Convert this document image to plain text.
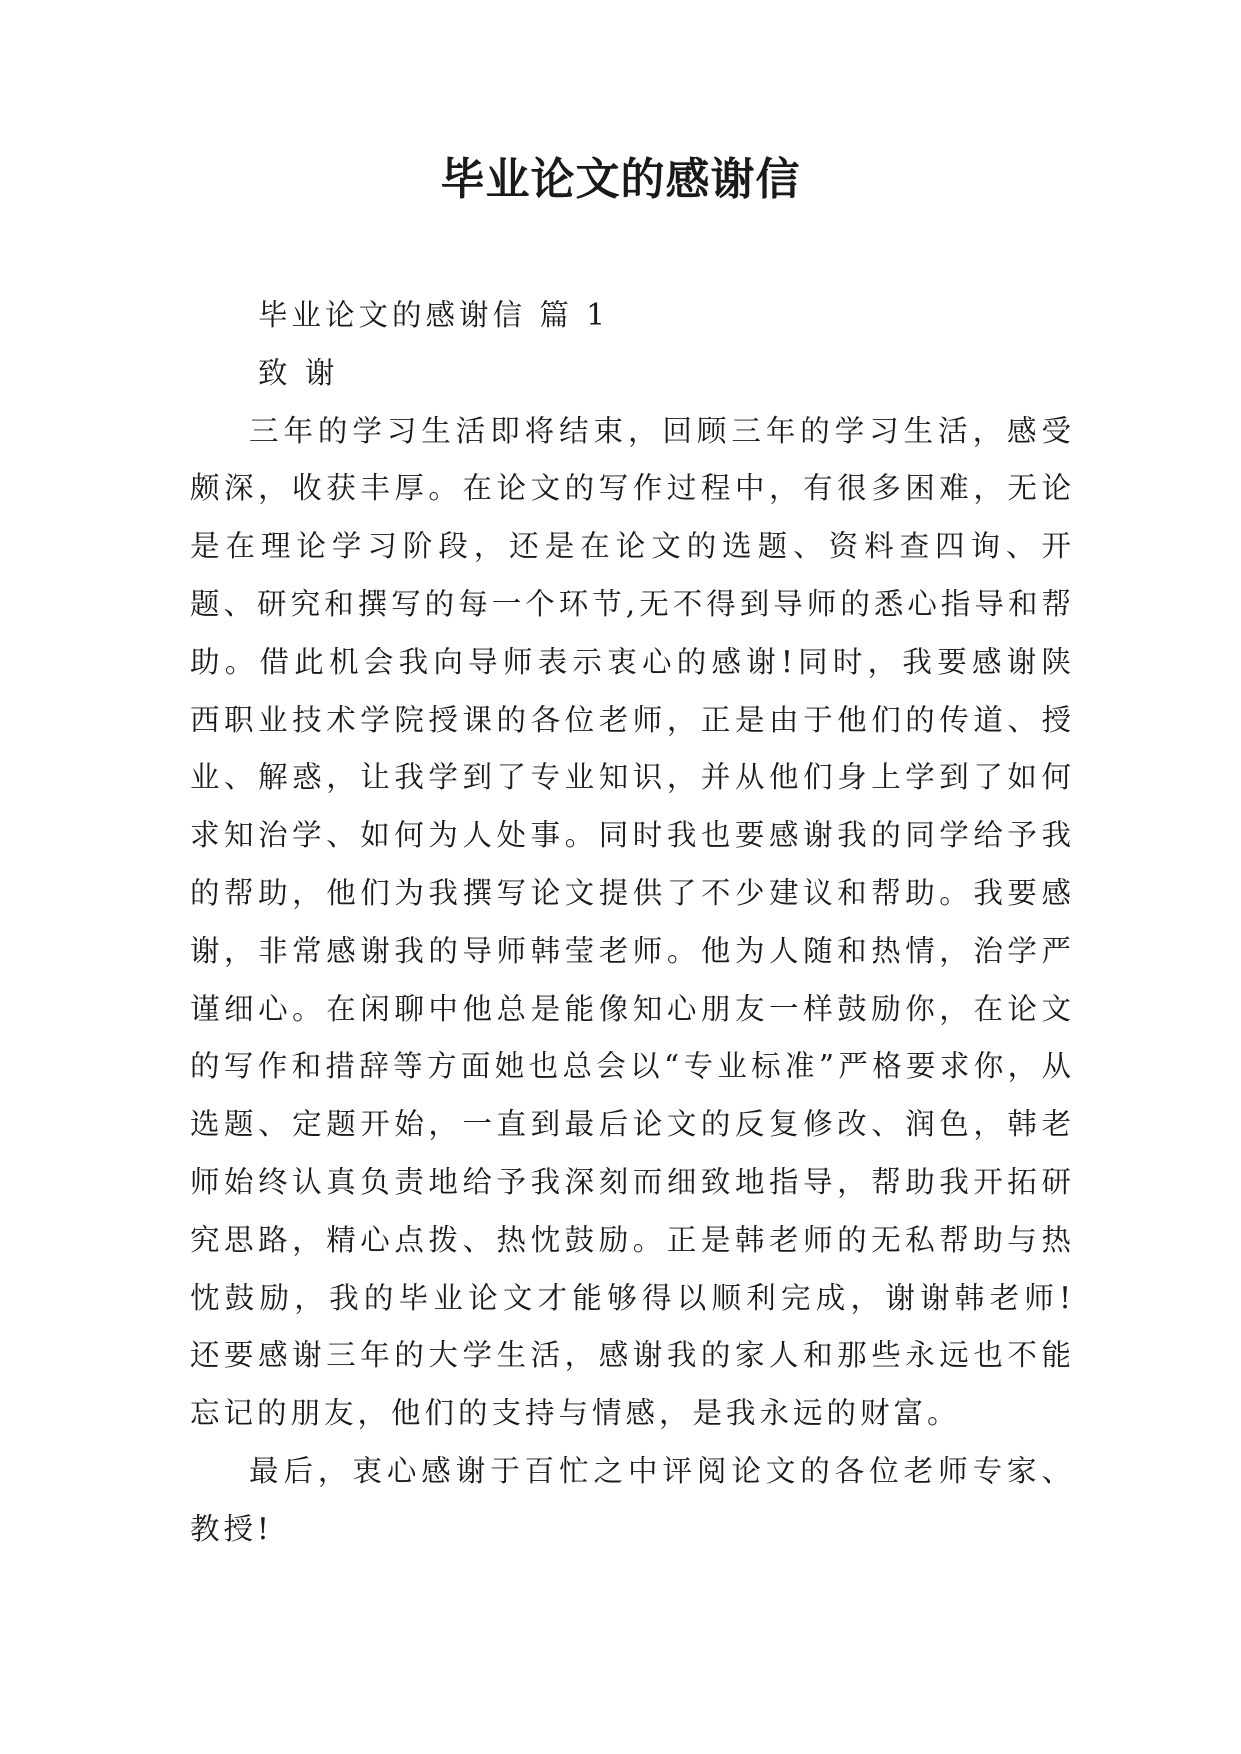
毕业论文的感谢信

毕业论文的感谢信 篇 1

致 谢

三年的学习生活即将结束，回顾三年的学习生活，感受颇深，收获丰厚。在论文的写作过程中，有很多困难，无论是在理论学习阶段，还是在论文的选题、资料查四询、开题、研究和撰写的每一个环节,无不得到导师的悉心指导和帮助。借此机会我向导师表示衷心的感谢!同时，我要感谢陕西职业技术学院授课的各位老师，正是由于他们的传道、授业、解惑，让我学到了专业知识，并从他们身上学到了如何求知治学、如何为人处事。同时我也要感谢我的同学给予我的帮助，他们为我撰写论文提供了不少建议和帮助。我要感谢，非常感谢我的导师韩莹老师。他为人随和热情，治学严谨细心。在闲聊中他总是能像知心朋友一样鼓励你，在论文的写作和措辞等方面她也总会以“专业标准”严格要求你，从选题、定题开始，一直到最后论文的反复修改、润色，韩老师始终认真负责地给予我深刻而细致地指导，帮助我开拓研究思路，精心点拨、热忱鼓励。正是韩老师的无私帮助与热忱鼓励，我的毕业论文才能够得以顺利完成，谢谢韩老师!还要感谢三年的大学生活，感谢我的家人和那些永远也不能忘记的朋友，他们的支持与情感，是我永远的财富。

最后，衷心感谢于百忙之中评阅论文的各位老师专家、教授!
